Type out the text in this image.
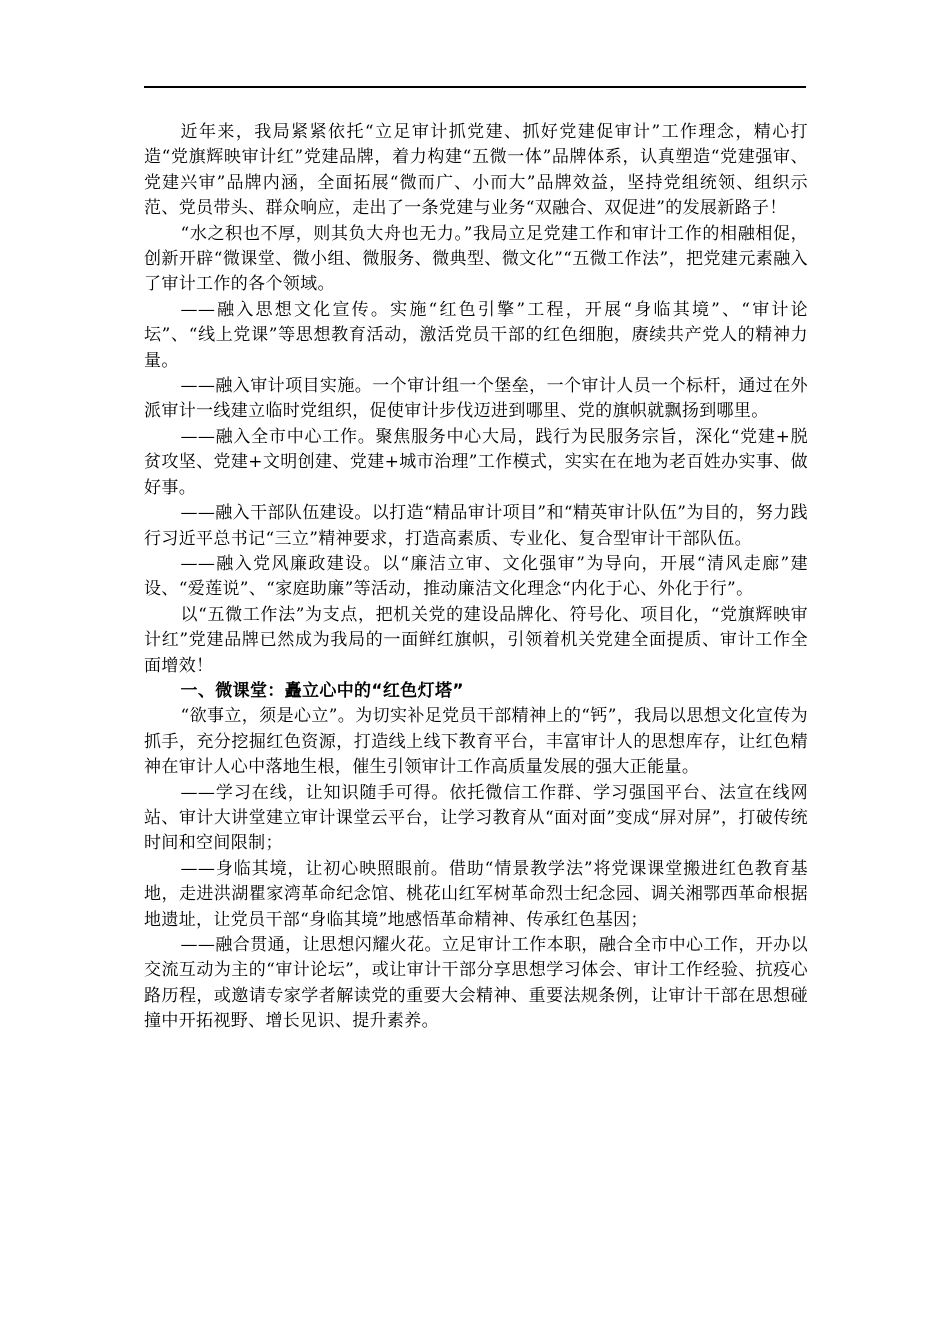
近年来，我局紧紧依托“立足审计抓党建、抓好党建促审计”工作理念，精心打造“党旗辉映审计红”党建品牌，着力构建“五微一体”品牌体系，认真塑造“党建强审、党建兴审”品牌内涵，全面拓展“微而广、小而大”品牌效益，坚持党组统领、组织示范、党员带头、群众响应，走出了一条党建与业务“双融合、双促进”的发展新路子！

“水之积也不厚，则其负大舟也无力。”我局立足党建工作和审计工作的相融相促，创新开辟“微课堂、微小组、微服务、微典型、微文化”“五微工作法”，把党建元素融入了审计工作的各个领域。

——融入思想文化宣传。实施“红色引擎”工程，开展“身临其境”、“审计论坛”、“线上党课”等思想教育活动，激活党员干部的红色细胞，赓续共产党人的精神力量。

——融入审计项目实施。一个审计组一个堡垒，一个审计人员一个标杆，通过在外派审计一线建立临时党组织，促使审计步伐迈进到哪里、党的旗帜就飘扬到哪里。

——融入全市中心工作。聚焦服务中心大局，践行为民服务宗旨，深化“党建+脱贫攻坚、党建+文明创建、党建+城市治理”工作模式，实实在在地为老百姓办实事、做好事。

——融入干部队伍建设。以打造“精品审计项目”和“精英审计队伍”为目的，努力践行习近平总书记“三立”精神要求，打造高素质、专业化、复合型审计干部队伍。

——融入党风廉政建设。以“廉洁立审、文化强审”为导向，开展“清风走廊”建设、“爱莲说”、“家庭助廉”等活动，推动廉洁文化理念“内化于心、外化于行”。

以“五微工作法”为支点，把机关党的建设品牌化、符号化、项目化，“党旗辉映审计红”党建品牌已然成为我局的一面鲜红旗帜，引领着机关党建全面提质、审计工作全面增效！

一、微课堂：矗立心中的“红色灯塔”

“欲事立，须是心立”。为切实补足党员干部精神上的“钙”，我局以思想文化宣传为抓手，充分挖掘红色资源，打造线上线下教育平台，丰富审计人的思想库存，让红色精神在审计人心中落地生根，催生引领审计工作高质量发展的强大正能量。

——学习在线，让知识随手可得。依托微信工作群、学习强国平台、法宣在线网站、审计大讲堂建立审计课堂云平台，让学习教育从“面对面”变成“屏对屏”，打破传统时间和空间限制；

——身临其境，让初心映照眼前。借助“情景教学法”将党课课堂搬进红色教育基地，走进洪湖瞿家湾革命纪念馆、桃花山红军树革命烈士纪念园、调关湘鄂西革命根据地遗址，让党员干部“身临其境”地感悟革命精神、传承红色基因；

——融合贯通，让思想闪耀火花。立足审计工作本职，融合全市中心工作，开办以交流互动为主的“审计论坛”，或让审计干部分享思想学习体会、审计工作经验、抗疫心路历程，或邀请专家学者解读党的重要大会精神、重要法规条例，让审计干部在思想碰撞中开拓视野、增长见识、提升素养。
